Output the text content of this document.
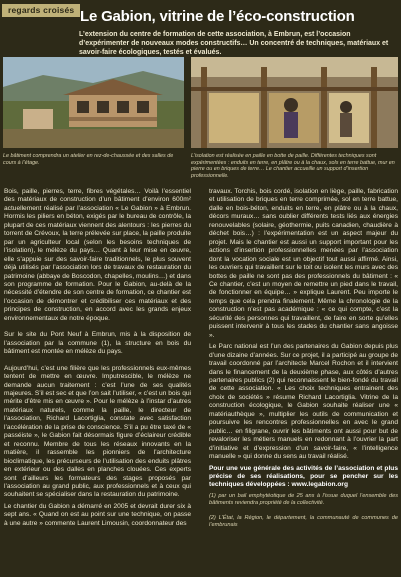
regards croisés Le Gabion, vitrine de l’éco-construction
L’extension du centre de formation de cette association, à Embrun, est l’occasion d’expérimenter de nouveaux modes constructifs… Un concentré de techniques, matériaux et savoir-faire écologiques, testés et évalués.
Le bâtiment comprendra un atelier en rez-de-chaussée et des salles de cours à l’étage.
L’isolation est réalisée en paille en botte de paille. Différentes techniques sont expérimentées : enduits en terre, en plâtre ou à la chaux, sols en terre battue, mur en pierre ou en briques de terre… Le chantier accueille un support d’insertion professionnelle.

Bois, paille, pierres, terre, fibres végétales… Voilà l’essentiel des matériaux de construction d’un bâtiment d’environ 600m² actuellement réalisé par l’association « Le Gabion » à Embrun. Hormis les piliers en béton, exigés par le bureau de contrôle, la plupart de ces matériaux viennent des alentours : les pierres du torrent de Crévoux, la terre prélevée sur place, la paille produite par un agriculteur local (selon les besoins techniques de l’isolation), le mélèze du pays… Quant à leur mise en œuvre, elle s’appuie sur des savoir-faire traditionnels, le plus souvent déjà utilisés par l’association lors de travaux de restauration du patrimoine (abbaye de Boscodon, chapelles, moulins…) et dans son programme de formation. Pour le Gabion, au-delà de la nécessité d’étendre de son centre de formation, ce chantier est l’occasion de démontrer et crédibiliser ces matériaux et des principes de construction, en accord avec les grands enjeux environnementaux de notre époque.

Sur le site du Pont Neuf à Embrun, mis à la disposition de l’association par la commune (1), la structure en bois du bâtiment est montée en mélèze du pays.

Aujourd’hui, c’est une filière que les professionnels eux-mêmes tentent de mettre en œuvre. Imputrescible, le mélèze ne demande aucun traitement : c’est l’une de ses qualités majeures. S’il est sec et que l’on sait l’utiliser, « c’est un bois qui mérite d’être mis en œuvre ». Pour le mélèze à l’instar d’autres matériaux naturels, comme la paille, le directeur de l’association, Richard Lacortiglia, constate avec satisfaction l’accélération de la prise de conscience. S’il a pu être taxé de « passéiste », le Gabion fait désormais figure d’éclaireur crédible et reconnu. Membre de tous les réseaux innovants en la matière, il rassemble les pionniers de l’architecture bioclimatique, les précurseurs de l’utilisation des enduits plâtres en extérieur ou des dalles en planches clouées. Ces experts sont d’ailleurs les formateurs des stages proposés par l’association au grand public, aux professionnels et à ceux qui souhaitent se spécialiser dans la restauration du patrimoine.

Le chantier du Gabion a démarré en 2005 et devrait durer six à sept ans. « Quand on est au point sur une technique, on passe à une autre » commente Laurent Limousin, coordonnateur des

travaux. Torchis, bois cordé, isolation en liège, paille, fabrication et utilisation de briques en terre comprimée, sol en terre battue, dalle en bois-béton, enduits en terre, en plâtre ou à la chaux, décors muraux… sans oublier différents tests liés aux énergies renouvelables (solaire, géothermie, puits canadien, chaudière à déchet bois…) : l’expérimentation est un aspect majeur du projet. Mais le chantier est aussi un support important pour les actions d’insertion professionnelles menées par l’association dont la vocation sociale est un objectif tout aussi affirmé. Ainsi, les ouvriers qui travaillent sur le toit ou isolent les murs avec des bottes de paille ne sont pas des professionnels du bâtiment : « Ce chantier, c’est un moyen de remettre un pied dans le travail, de fonctionner en équipe… » explique Laurent. Peu importe le temps que cela prendra finalement. Même la chronologie de la construction n’est pas académique : « ce qui compte, c’est la sécurité des personnes qui travaillent, de faire en sorte qu’elles puissent intervenir à tous les stades du chantier sans angoisse ».

Le Parc national est l’un des partenaires du Gabion depuis plus d’une dizaine d’années. Sur ce projet, il a participé au groupe de travail coordonné par l’architecte Marcel Rochon et il intervient dans le financement de la deuxième phase, aux côtés d’autres partenaires publics (2) qui reconnaissent le bien-fondé du travail de cette association. « Les choix techniques entrainent des choix de sociétés » résume Richard Lacortiglia. Vitrine de la construction écologique, le Gabion souhaite réaliser une « matériauthèque », multiplier les outils de communication et poursuivre les rencontres professionnelles en avec le grand public… en filigrane, ouvrir les bâtiments ont aussi pour but de revaloriser les métiers manuels en redonnant à l’ouvrier la part d’initiative et d’expression d’un savoir-faire, « l’intelligence manuelle » qui donne du sens au travail réalisé.

Pour une vue générale des activités de l’association et plus précise de ses réalisations, pour se pencher sur les techniques développées : www.legabion.org

(1) par un bail emphytéotique de 25 ans à l’issue duquel l’ensemble des bâtiments reviendra propriété de la collectivité.

(2) L’État, la Région, le département, la communauté de communes de l’embrunais
